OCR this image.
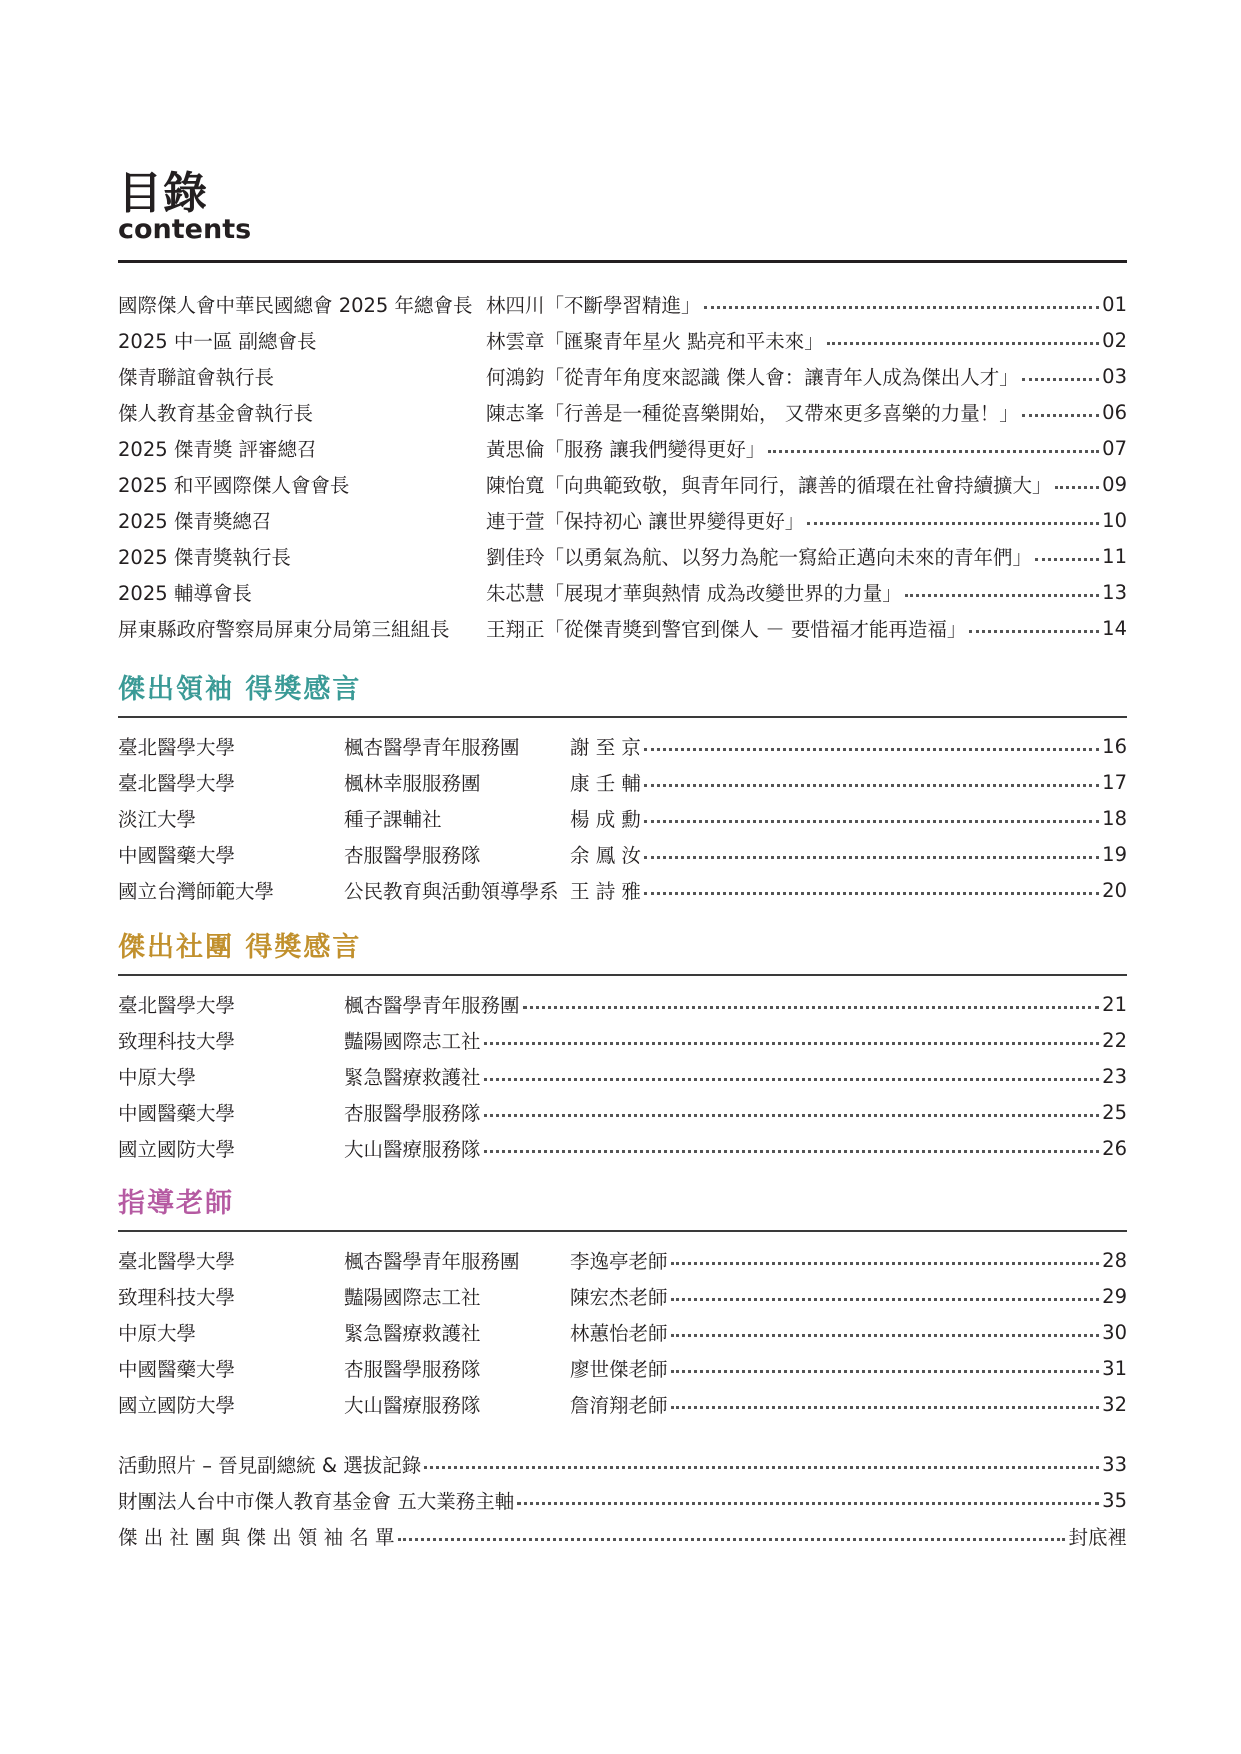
目錄
contents
國際傑人會中華民國總會 2025 年總會長 林四川「不斷學習精進」	01
2025 中一區 副總會長	林雲章「匯聚青年星火 點亮和平未來」	02
傑青聯誼會執行長	何鴻鈞「從青年角度來認識 傑人會：讓青年人成為傑出人才」	03
傑人教育基金會執行長	陳志峯「行善是一種從喜樂開始， 又帶來更多喜樂的力量！」	06
2025 傑青獎 評審總召	黃思倫「服務 讓我們變得更好」	07
2025 和平國際傑人會會長	陳怡寬「向典範致敬，與青年同行，讓善的循環在社會持續擴大」	09
2025 傑青獎總召	連于萱「保持初心 讓世界變得更好」	10
2025 傑青獎執行長	劉佳玲「以勇氣為航、以努力為舵一寫給正邁向未來的青年們」	11
2025 輔導會長	朱芯慧「展現才華與熱情 成為改變世界的力量」	13
屏東縣政府警察局屏東分局第三組組長	王翔正「從傑青獎到警官到傑人 － 要惜福才能再造福」	14
傑出領袖 得獎感言
臺北醫學大學	楓杏醫學青年服務團	謝 至 京	16
臺北醫學大學	楓林幸服服務團	康 壬 輔	17
淡江大學	種子課輔社	楊 成 勳	18
中國醫藥大學	杏服醫學服務隊	余 鳳 汝	19
國立台灣師範大學	公民教育與活動領導學系 王 詩 雅	20
傑出社團 得獎感言
臺北醫學大學	楓杏醫學青年服務團	21
致理科技大學	豔陽國際志工社	22
中原大學	緊急醫療救護社	23
中國醫藥大學	杏服醫學服務隊	25
國立國防大學	大山醫療服務隊	26
指導老師
臺北醫學大學	楓杏醫學青年服務團	李逸亭老師	28
致理科技大學	豔陽國際志工社	陳宏杰老師	29
中原大學	緊急醫療救護社	林蕙怡老師	30
中國醫藥大學	杏服醫學服務隊	廖世傑老師	31
國立國防大學	大山醫療服務隊	詹淯翔老師	32
活動照片 – 晉見副總統 & 選拔記錄	33
財團法人台中市傑人教育基金會 五大業務主軸	35
傑 出 社 團 與 傑 出 領 袖 名 單	封底裡
